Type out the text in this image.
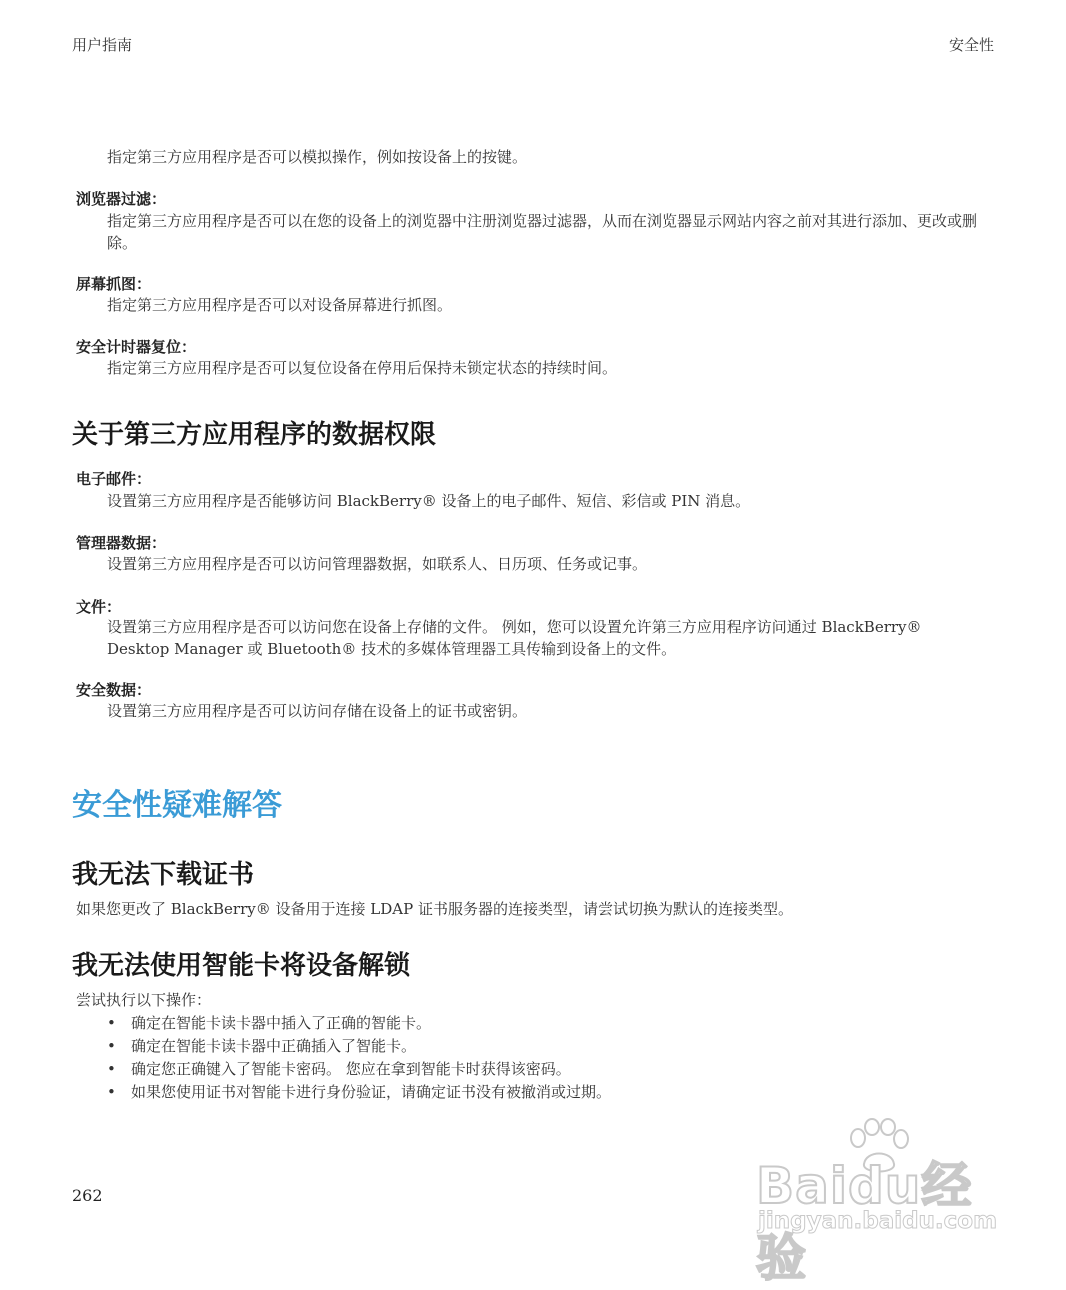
用户指南	安全性
指定第三方应用程序是否可以模拟操作，例如按设备上的按键。
浏览器过滤：
指定第三方应用程序是否可以在您的设备上的浏览器中注册浏览器过滤器，从而在浏览器显示网站内容之前对其进行添加、更改或删除。
屏幕抓图：
指定第三方应用程序是否可以对设备屏幕进行抓图。
安全计时器复位：
指定第三方应用程序是否可以复位设备在停用后保持未锁定状态的持续时间。
关于第三方应用程序的数据权限
电子邮件：
设置第三方应用程序是否能够访问 BlackBerry® 设备上的电子邮件、短信、彩信或 PIN 消息。
管理器数据：
设置第三方应用程序是否可以访问管理器数据，如联系人、日历项、任务或记事。
文件：
设置第三方应用程序是否可以访问您在设备上存储的文件。 例如，您可以设置允许第三方应用程序访问通过 BlackBerry® Desktop Manager 或 Bluetooth® 技术的多媒体管理器工具传输到设备上的文件。
安全数据：
设置第三方应用程序是否可以访问存储在设备上的证书或密钥。
安全性疑难解答
我无法下载证书
如果您更改了 BlackBerry® 设备用于连接 LDAP 证书服务器的连接类型，请尝试切换为默认的连接类型。
我无法使用智能卡将设备解锁
尝试执行以下操作：
• 确定在智能卡读卡器中插入了正确的智能卡。
• 确定在智能卡读卡器中正确插入了智能卡。
• 确定您正确键入了智能卡密码。 您应在拿到智能卡时获得该密码。
• 如果您使用证书对智能卡进行身份验证，请确定证书没有被撤消或过期。
262	Baidu经验
jingyan.baidu.com
